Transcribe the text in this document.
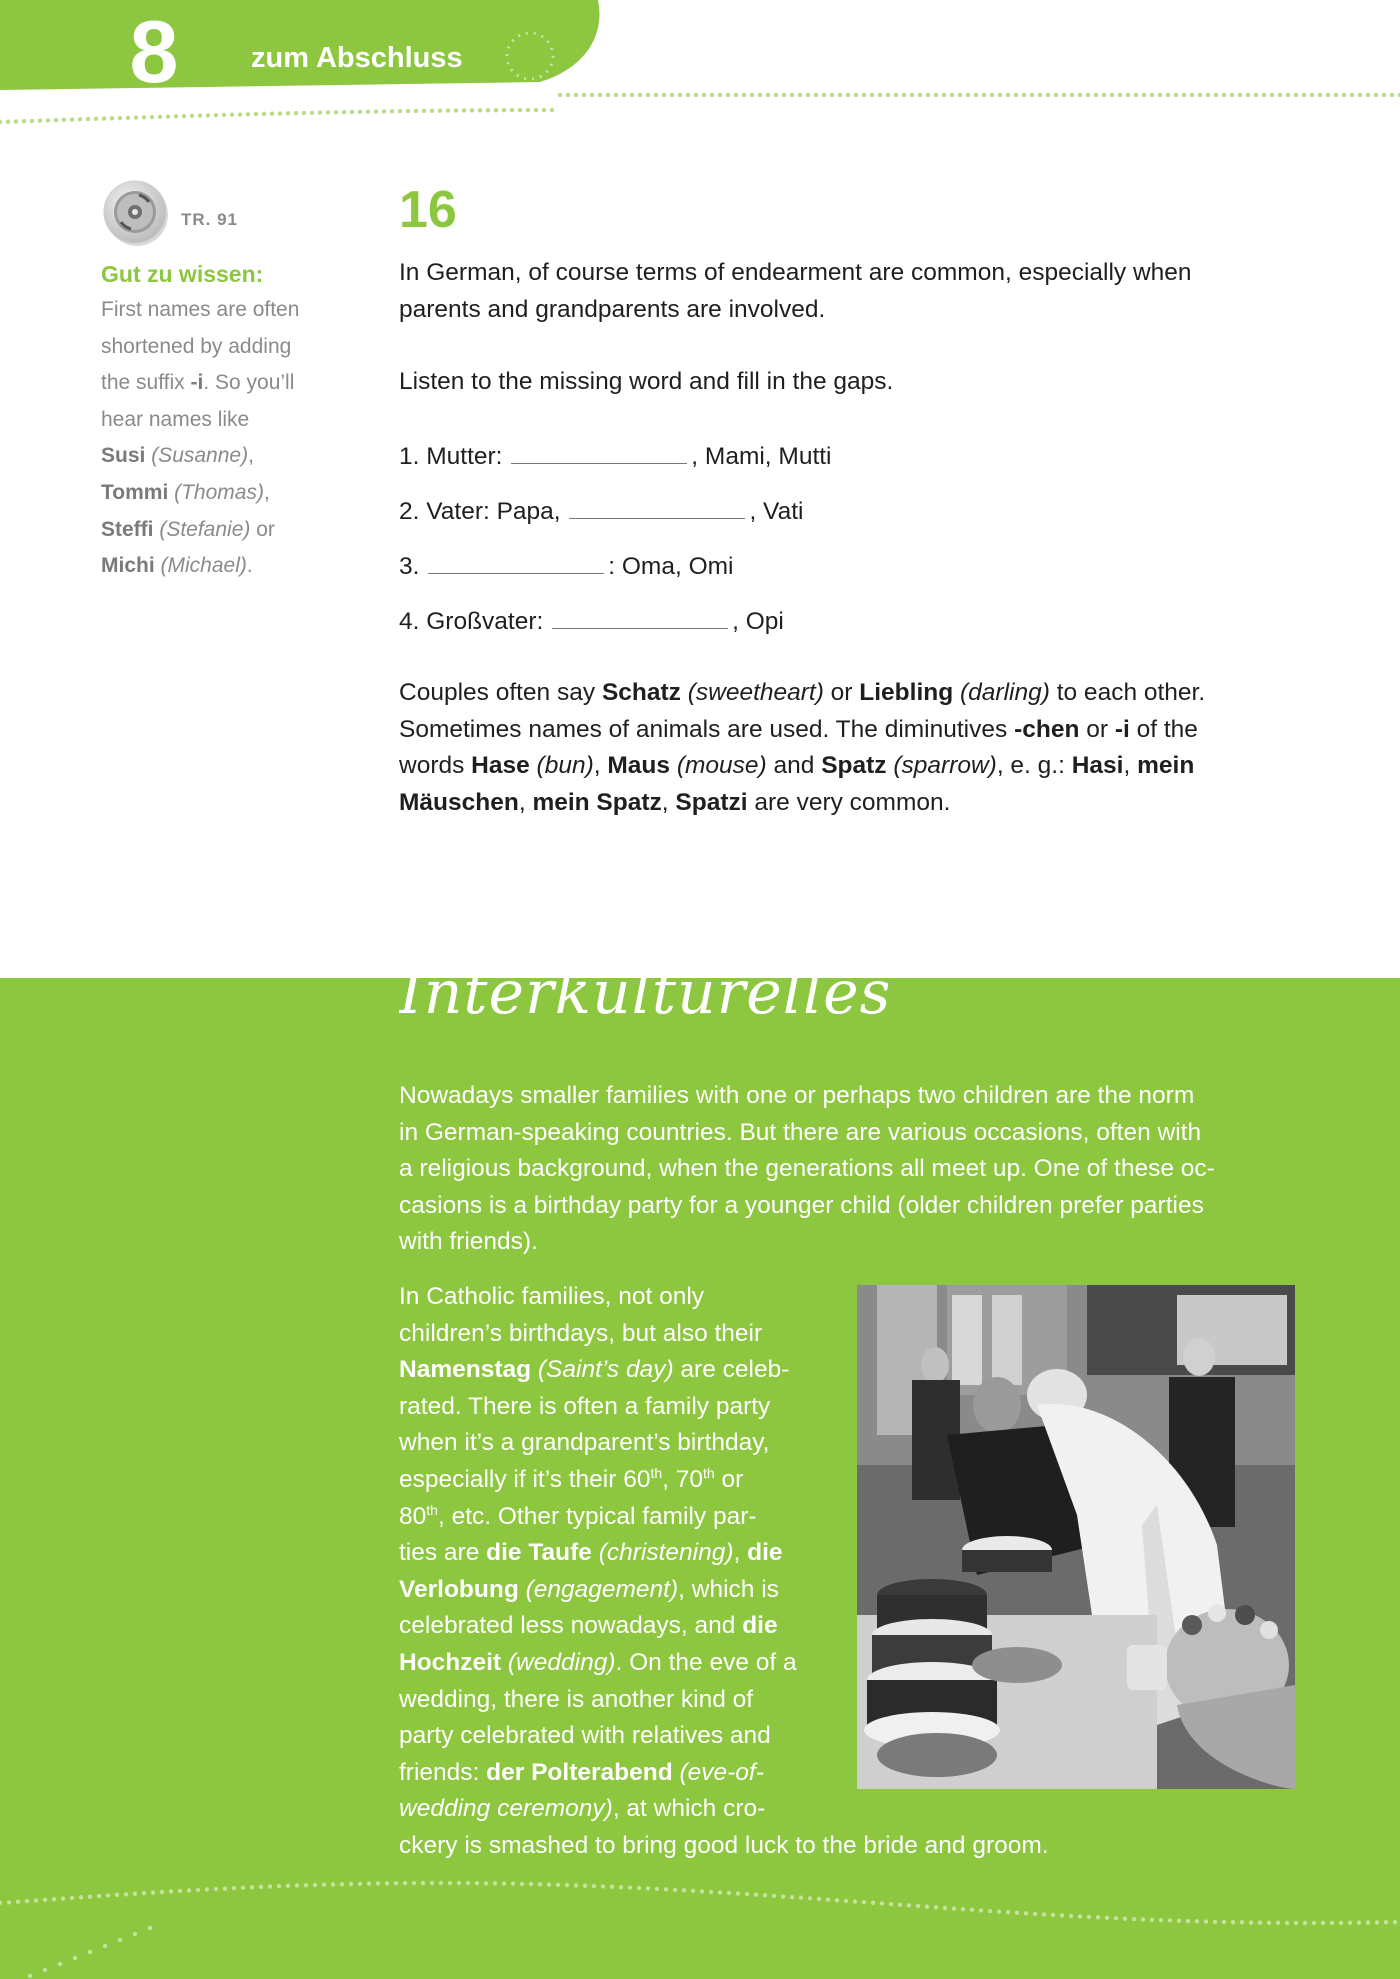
8	zum Abschluss
TR. 91
Gut zu wissen:
First names are often
shortened by adding
the suffix -i. So you’ll
hear names like
Susi (Susanne),
Tommi (Thomas),
Steffi (Stefanie) or
Michi (Michael).
16
In German, of course terms of endearment are common, especially when
parents and grandparents are involved.
Listen to the missing word and fill in the gaps.
1. Mutter:	, Mami, Mutti
2. Vater: Papa,	, Vati
3.	: Oma, Omi
4. Großvater:	, Opi
Couples often say Schatz (sweetheart) or Liebling (darling) to each other.
Sometimes names of animals are used. The diminutives -chen or -i of the
words Hase (bun), Maus (mouse) and Spatz (sparrow), e. g.: Hasi, mein
Mäuschen, mein Spatz, Spatzi are very common.
Interkulturelles
Nowadays smaller families with one or perhaps two children are the norm
in German-speaking countries. But there are various occasions, often with
a religious background, when the generations all meet up. One of these oc-
casions is a birthday party for a younger child (older children prefer parties
with friends).
In Catholic families, not only
children’s birthdays, but also their
Namenstag (Saint’s day) are celeb-
rated. There is often a family party
when it’s a grandparent’s birthday,
especially if it’s their 60th, 70th or
80th, etc. Other typical family par-
ties are die Taufe (christening), die
Verlobung (engagement), which is
celebrated less nowadays, and die
Hochzeit (wedding). On the eve of a
wedding, there is another kind of
party celebrated with relatives and
friends: der Polterabend (eve-of-
wedding ceremony), at which cro-
ckery is smashed to bring good luck to the bride and groom.
